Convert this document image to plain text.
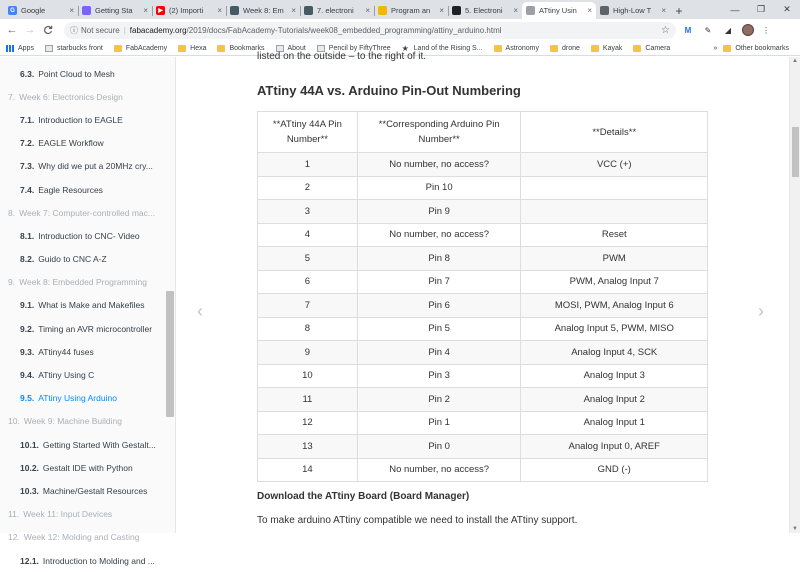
G Google	×	Getting Sta	×	▶ (2) Importi	×	Week 8: Em ×	7. electroni	×	Program an	×	5. Electroni	×	ATtiny Usin	×	High-Low T	× +	—	❐	✕
← →	ⓘ Not secure | fabacademy.org /2019/docs/FabAcademy-Tutorials/week08_embedded_programming/attiny_arduino.html	☆	M	✎	◢	⋮
Apps	starbucks front	FabAcademy	Hexa	Bookmarks	About	Pencil by FiftyThree ★ Land of the Rising S...	Astronomy	drone	Kayak	Camera	»	Other bookmarks
6.3. Point Cloud to Mesh
7. Week 6: Electronics Design
7.1. Introduction to EAGLE
7.2. EAGLE Workflow
7.3. Why did we put a 20MHz cry...
7.4. Eagle Resources
8. Week 7: Computer-controlled mac...
8.1. Introduction to CNC- Video
8.2. Guido to CNC A-Z
9. Week 8: Embedded Programming
9.1. What is Make and Makefiles
9.2. Timing an AVR microcontroller
9.3. ATtiny44 fuses
9.4. ATtiny Using C
9.5. ATtiny Using Arduino
10. Week 9: Machine Building
10.1. Getting Started With Gestalt...
10.2. Gestalt IDE with Python
10.3. Machine/Gestalt Resources
11. Week 11: Input Devices
12. Week 12: Molding and Casting
12.1. Introduction to Molding and ...
‹	›
listed on the outside – to the right of it.
ATtiny 44A vs. Arduino Pin-Out Numbering
**ATtiny 44A Pin Number**	**Corresponding Arduino Pin Number**	**Details**
1	No number, no access?	VCC (+)
2	Pin 10	
3	Pin 9	
4	No number, no access?	Reset
5	Pin 8	PWM
6	Pin 7	PWM, Analog Input 7
7	Pin 6	MOSI, PWM, Analog Input 6
8	Pin 5	Analog Input 5, PWM, MISO
9	Pin 4	Analog Input 4, SCK
10	Pin 3	Analog Input 3
11	Pin 2	Analog Input 2
12	Pin 1	Analog Input 1
13	Pin 0	Analog Input 0, AREF
14	No number, no access?	GND (-)
Download the ATtiny Board (Board Manager)
To make arduino ATtiny compatible we need to install the ATtiny support.
▲
▼
